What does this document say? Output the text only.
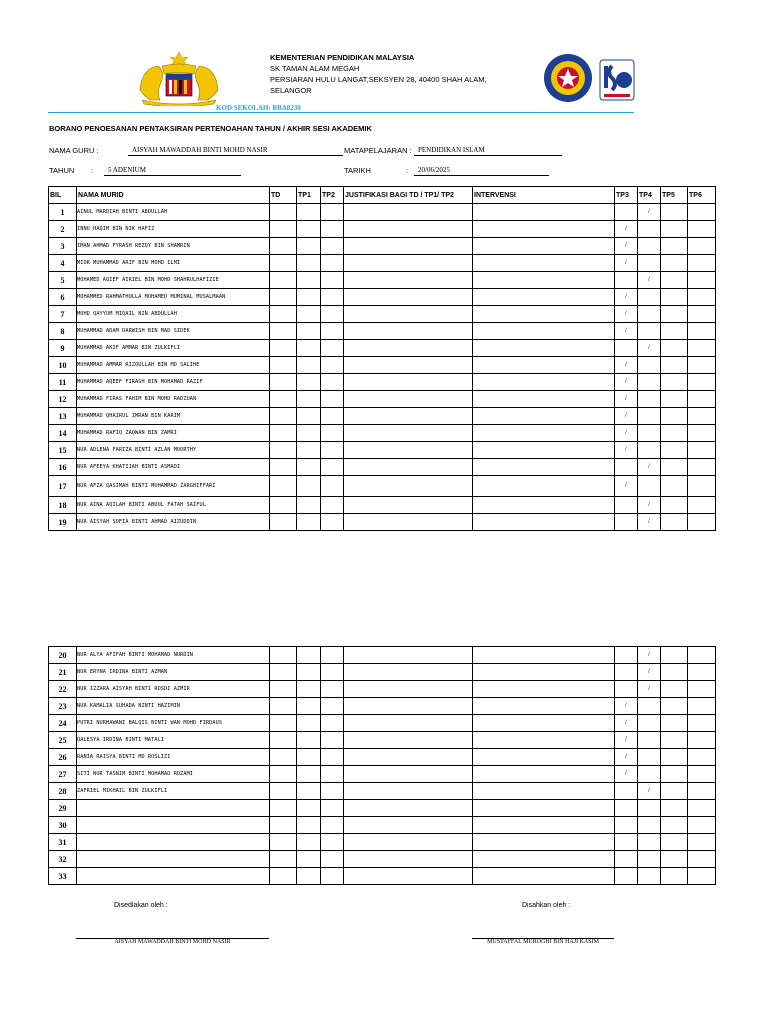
KEMENTERIAN PENDIDIKAN MALAYSIA
SK TAMAN ALAM MEGAH
PERSIARAN HULU LANGAT,SEKSYEN 28, 40400 SHAH ALAM,
SELANGOR
KOD SEKOLAH: BBA8230
BORANO PENOESANAN PENTAKSIRAN PERTENOAHAN TAHUN / AKHIR SESI AKADEMIK
NAMA GURU :	AISYAH MAWADDAH BINTI MOHD NASIR	MATAPELAJARAN : PENDIDIKAN ISLAM
TAHUN :	5 ADENIUM	TARIKH	:	20/06/2025
BIL	NAMA MURID	TD	TP1	TP2	JUSTIFIKASI BAGI TD / TP1/ TP2	INTERVENSI	TP3	TP4	TP5	TP6
1	AINUL MARDIAH BINTI ABDULLAH							/		
2	IBNU HAQIM BIN NIK HAFIZ						/			
3	IMAN AHMAD FYRASH REZQY BIN SHAMRIN						/			
4	MIOR MUHAMMAD ARIF BIN MOHD ILMI						/			
5	MOHAMED AQIEF AIRIEL BIN MOHD SHAHRULHAFIZIE							/		
6	MOHAMMED RAHMATHULLA MOHAMED MUMINAL MUSALMAAN						/			
7	MOHD QAYYUM MIQAIL BIN ABDULLAH						/			
8	MUHAMMAD ADAM DARWISH BIN MAD SIDEK						/			
9	MUHAMMAD AKIF AMMAR BIN ZULKIFLI							/		
10	MUHAMMAD AMMAR RIZQULLAH BIN MD SALIHE						/			
11	MUHAMMAD AQEEF FIRASH BIN MOHAMAD RAZIF						/			
12	MUHAMMAD FIRAS FAHIM BIN MOHD RADZUAN						/			
13	MUHAMMAD QHAIRUL IMRAN BIN KARIM						/			
14	MUHAMMAD RAFIQ ZAQWAN BIN ZAMRI						/			
15	NUR ADLENA FARIZA BINTI AZLAN MOORTHY						/			
16	NUR AFEEYA KHATIJAH BINTI ASMADI							/		
17	NUR AFZA QASIMAH BINTI MUHAMMAD ZARGHIFFARI						/			
18	NUR AINA AQILAH BINTI ABDUL FATAH SAIFUL							/		
19	NUR AISYAH SOFIA BINTI AHMAD AIZUDDIN							/		
20	NUR ALYA AFIFAH BINTI MOHAMAD NURDIN							/		
21	NUR ERYNA IRDINA BINTI AZMAN							/		
22	NUR IZZARA AISYAH BINTI ROSDI AZMIR							/		
23	NUR KAMALIA SUHADA BINTI HAZIMIN						/			
24	PUTRI NURHAWANI BALQIS BINTI WAN MOHD FIRDAUS						/			
25	QALESYA IRDINA BINTI MATALI						/			
26	RANIA RAISYA BINTI MD ROSLIZI						/			
27	SITI NUR TASNIM BINTI MOHAMAD ROZAMI						/			
28	ZAFRIEL MIKHAIL BIN ZULKIFLI							/		
29										
30										
31										
32										
33										
Disediakan oleh :
AISYAH MAWADDAH BINTI MOHD NASIR
Disahkan oleh :
MUSTAFFAL MUROGHI BIN HAJI KASIM
